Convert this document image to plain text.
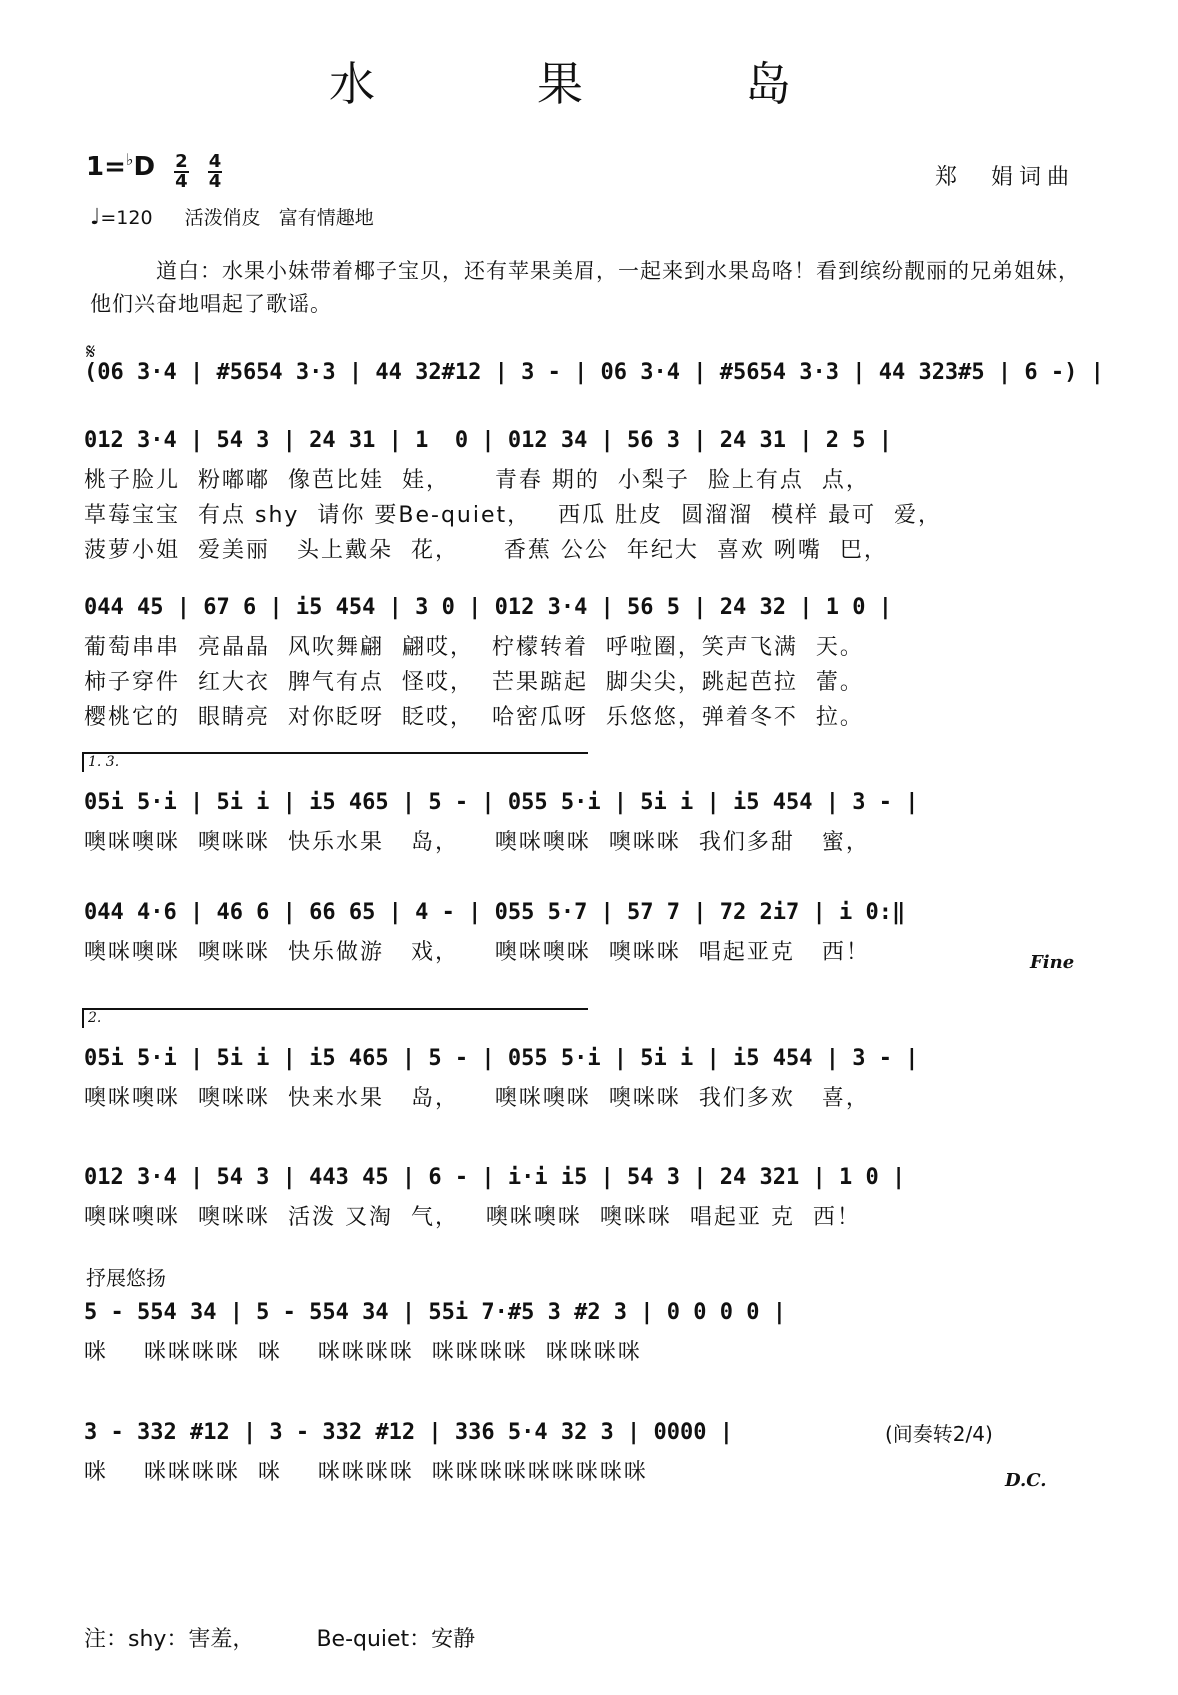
水　果　岛
$1=^♭D \frac{2}{4}$
$\frac{4}{4}$	郑　娟词曲
♩=120 活泼俏皮 富有情趣地
道白：水果小妹带着椰子宝贝，还有苹果美眉，一起来到水果岛咯！看到缤纷靓丽的兄弟姐妹，他们兴奋地唱起了歌谣。
𝄋
(06 3·4 | #5654 3·3 | 44 32#12 | 3 - | 06 3·4 | #5654 3·3 | 44 323#5 | 6 -) |
012 3·4 | 54 3 | 24 31 | 1  0 | 012 34 | 56 3 | 24 31 | 2 5 |
桃子脸儿  粉嘟嘟  像芭比娃  娃，     青春 期的  小梨子  脸上有点  点，
草莓宝宝  有点 shy  请你 要Be-quiet，   西瓜 肚皮  圆溜溜  模样 最可  爱，
菠萝小姐  爱美丽   头上戴朵  花，     香蕉 公公  年纪大  喜欢 咧嘴  巴，
044 45 | 67 6 | i5 454 | 3 0 | 012 3·4 | 56 5 | 24 32 | 1 0 |
葡萄串串  亮晶晶  风吹舞翩  翩哎，  柠檬转着  呼啦圈，笑声飞满  天。
柿子穿件  红大衣  脾气有点  怪哎，  芒果踮起  脚尖尖，跳起芭拉  蕾。
樱桃它的  眼睛亮  对你眨呀  眨哎，  哈密瓜呀  乐悠悠，弹着冬不  拉。
1. 3.
05i 5·i | 5i i | i5 465 | 5 - | 055 5·i | 5i i | i5 454 | 3 - |
噢咪噢咪  噢咪咪  快乐水果   岛，    噢咪噢咪  噢咪咪  我们多甜   蜜，
044 4·6 | 46 6 | 66 65 | 4 - | 055 5·7 | 57 7 | 72 2i7 | i 0:‖
噢咪噢咪  噢咪咪  快乐做游   戏，    噢咪噢咪  噢咪咪  唱起亚克   西！	Fine
2.
05i 5·i | 5i i | i5 465 | 5 - | 055 5·i | 5i i | i5 454 | 3 - |
噢咪噢咪  噢咪咪  快来水果   岛，    噢咪噢咪  噢咪咪  我们多欢   喜，
012 3·4 | 54 3 | 443 45 | 6 - | i·i i5 | 54 3 | 24 321 | 1 0 |
噢咪噢咪  噢咪咪  活泼 又淘  气，   噢咪噢咪  噢咪咪  唱起亚 克  西！
抒展悠扬
5 - 554 34 | 5 - 554 34 | 55i 7·#5 3 #2 3 | 0 0 0 0 |
咪    咪咪咪咪  咪    咪咪咪咪  咪咪咪咪  咪咪咪咪
3 - 332 #12 | 3 - 332 #12 | 336 5·4 32 3 | 0000 |
咪    咪咪咪咪  咪    咪咪咪咪  咪咪咪咪咪咪咪咪咪
(间奏转2/4)
D.C.
注：shy：害羞，	Be-quiet：安静
